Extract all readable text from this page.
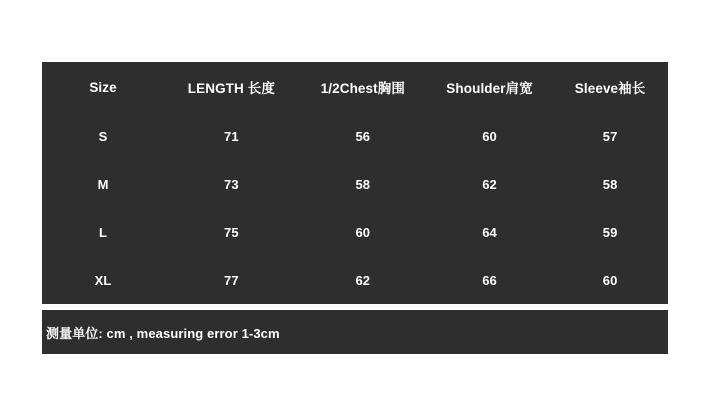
Size	LENGTH 长度	1/2Chest胸围	Shoulder肩宽	Sleeve袖长
S	71	56	60	57
M	73	58	62	58
L	75	60	64	59
XL	77	62	66	60
测量单位: cm , measuring error 1-3cm
